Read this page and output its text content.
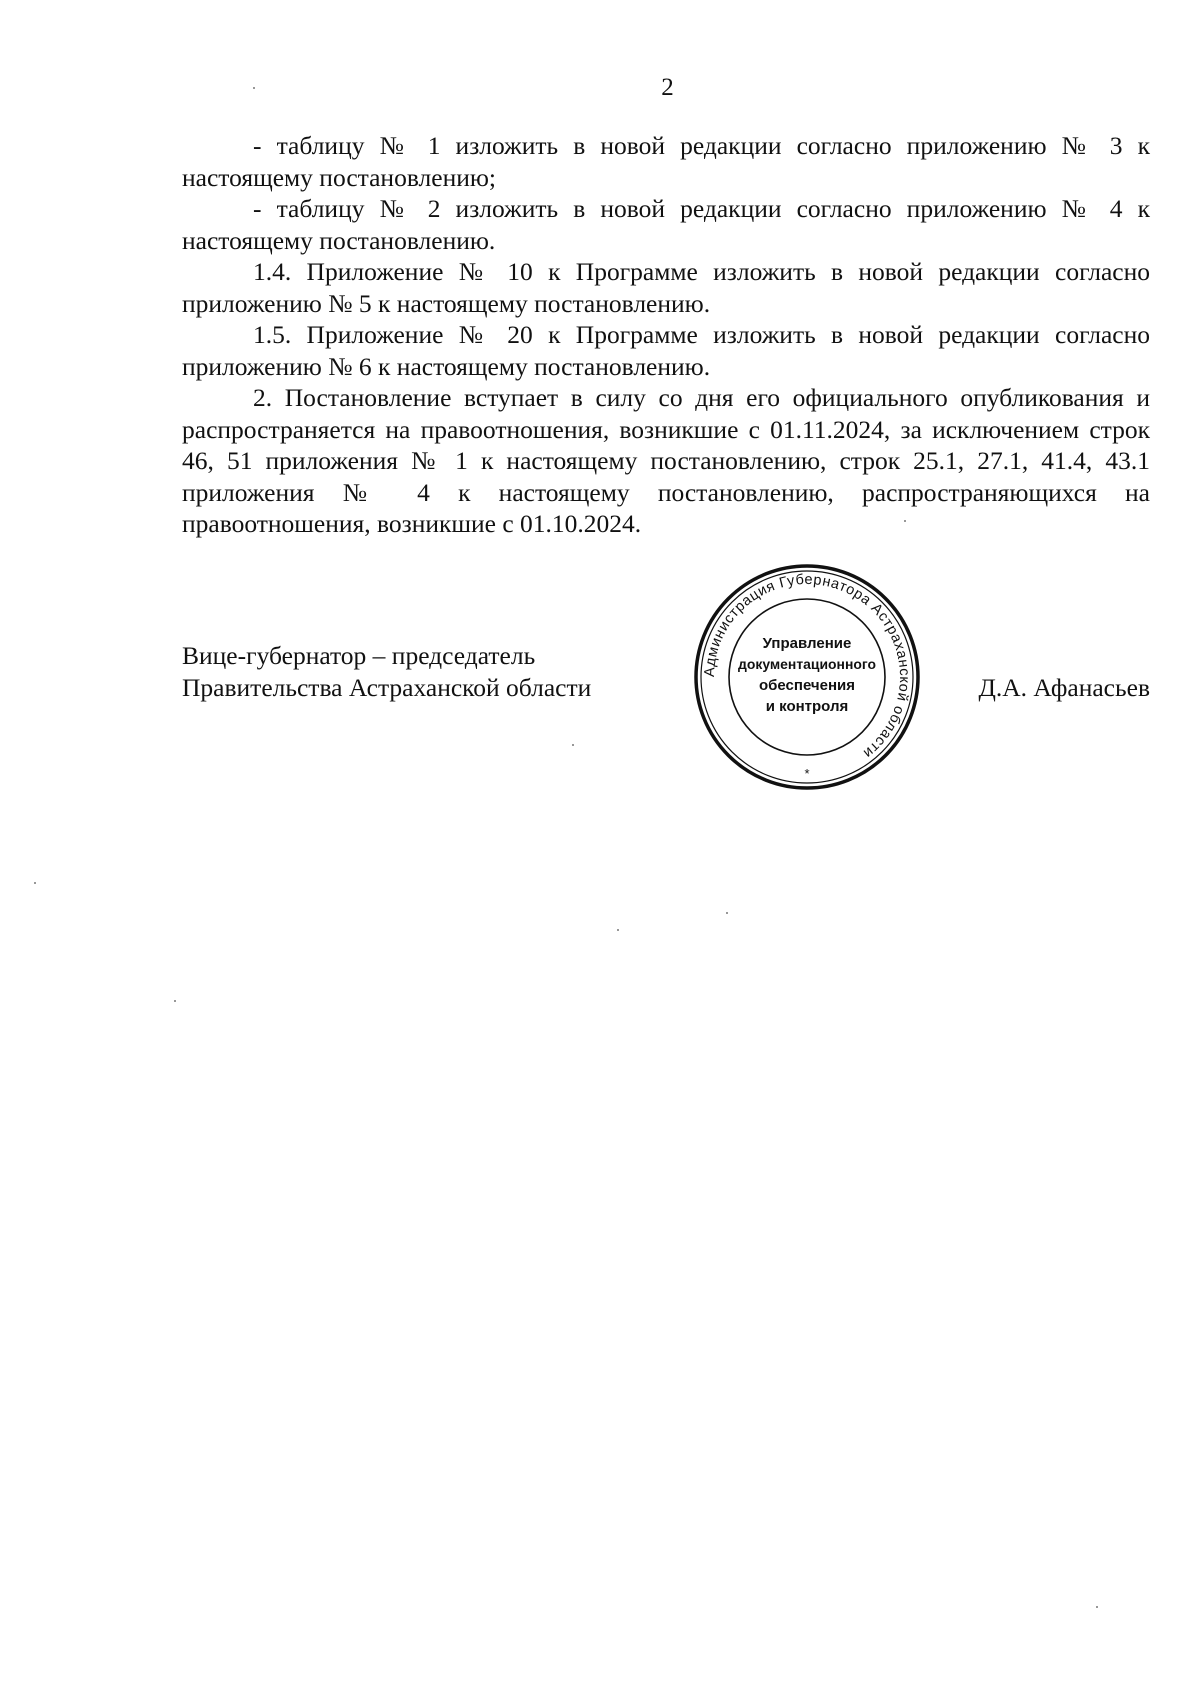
2

- таблицу № 1 изложить в новой редакции согласно приложению № 3 к настоящему постановлению;

- таблицу № 2 изложить в новой редакции согласно приложению № 4 к настоящему постановлению.

1.4. Приложение № 10 к Программе изложить в новой редакции согласно приложению № 5 к настоящему постановлению.

1.5. Приложение № 20 к Программе изложить в новой редакции согласно приложению № 6 к настоящему постановлению.

2. Постановление вступает в силу со дня его официального опубликования и распространяется на правоотношения, возникшие с 01.11.2024, за исключением строк 46, 51 приложения № 1 к настоящему постановлению, строк 25.1, 27.1, 41.4, 43.1 приложения № 4 к настоящему постановлению, распространяющихся на правоотношения, возникшие с 01.10.2024.

Вице-губернатор – председатель
Правительства Астраханской области	Д.А. Афанасьев
Администрация Губернатора Астраханской области
*
Управление
документационного
обеспечения
и контроля
